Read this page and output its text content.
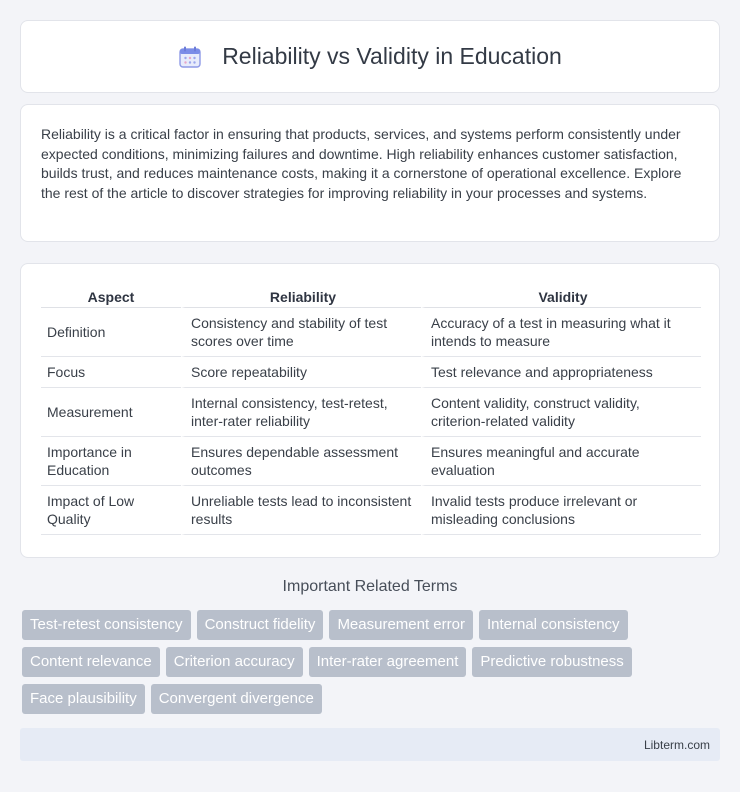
Reliability vs Validity in Education

Reliability is a critical factor in ensuring that products, services, and systems perform consistently under expected conditions, minimizing failures and downtime. High reliability enhances customer satisfaction, builds trust, and reduces maintenance costs, making it a cornerstone of operational excellence. Explore the rest of the article to discover strategies for improving reliability in your processes and systems.

Aspect	Reliability	Validity
Definition	Consistency and stability of test scores over time	Accuracy of a test in measuring what it intends to measure
Focus	Score repeatability	Test relevance and appropriateness
Measurement	Internal consistency, test-retest, inter-rater reliability	Content validity, construct validity, criterion-related validity
Importance in Education	Ensures dependable assessment outcomes	Ensures meaningful and accurate evaluation
Impact of Low Quality	Unreliable tests lead to inconsistent results	Invalid tests produce irrelevant or misleading conclusions
Important Related Terms
Test-retest consistency	Construct fidelity	Measurement error	Internal consistency
Content relevance	Criterion accuracy	Inter-rater agreement	Predictive robustness
Face plausibility	Convergent divergence
Libterm.com
